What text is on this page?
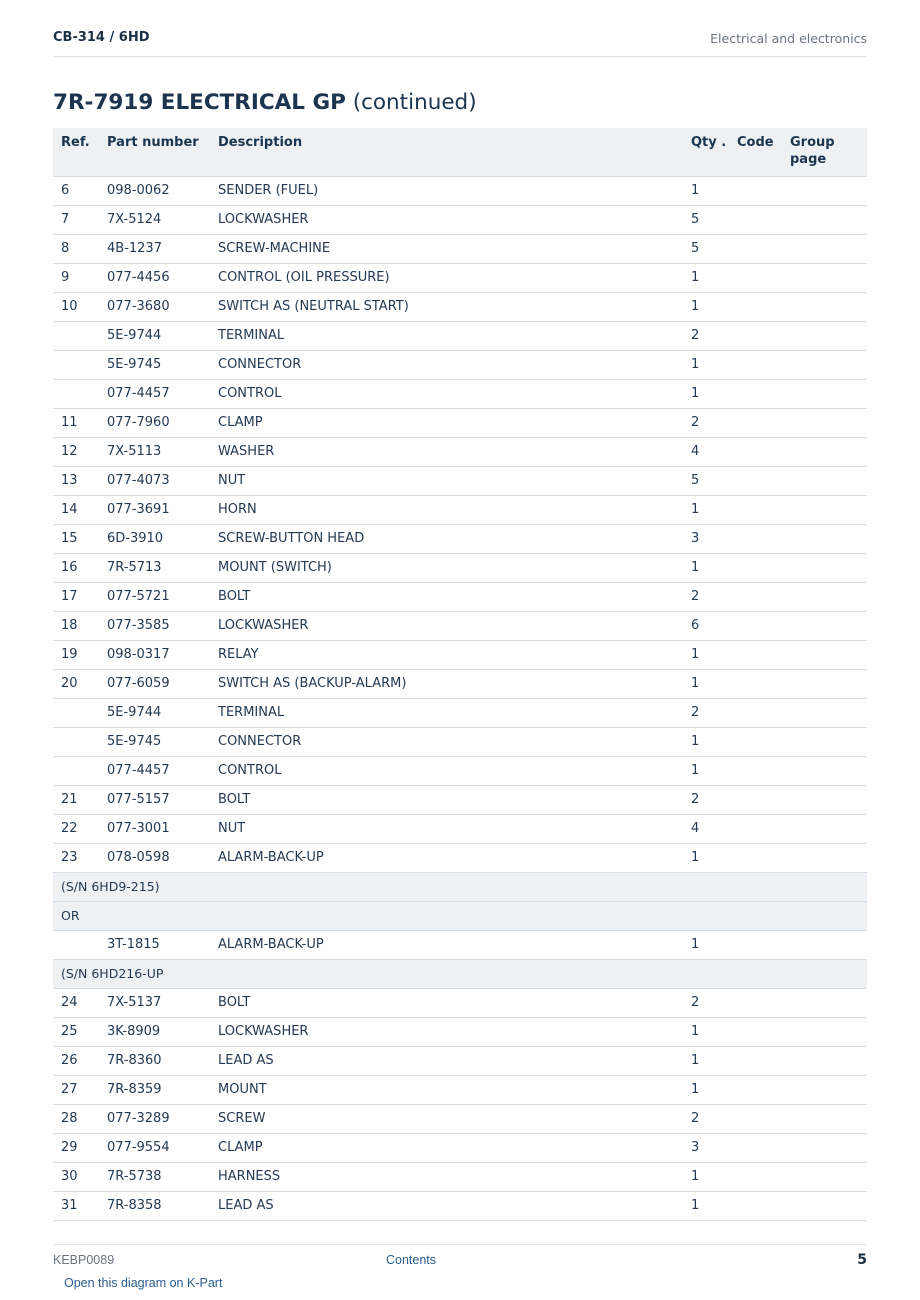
CB-314 / 6HD	Electrical and electronics
7R-7919 ELECTRICAL GP (continued)
Ref.	Part number	Description	Qty .	Code	Group page
6	098-0062	SENDER (FUEL)	1		
7	7X-5124	LOCKWASHER	5		
8	4B-1237	SCREW-MACHINE	5		
9	077-4456	CONTROL (OIL PRESSURE)	1		
10	077-3680	SWITCH AS (NEUTRAL START)	1		
	5E-9744	TERMINAL	2		
	5E-9745	CONNECTOR	1		
	077-4457	CONTROL	1		
11	077-7960	CLAMP	2		
12	7X-5113	WASHER	4		
13	077-4073	NUT	5		
14	077-3691	HORN	1		
15	6D-3910	SCREW-BUTTON HEAD	3		
16	7R-5713	MOUNT (SWITCH)	1		
17	077-5721	BOLT	2		
18	077-3585	LOCKWASHER	6		
19	098-0317	RELAY	1		
20	077-6059	SWITCH AS (BACKUP-ALARM)	1		
	5E-9744	TERMINAL	2		
	5E-9745	CONNECTOR	1		
	077-4457	CONTROL	1		
21	077-5157	BOLT	2		
22	077-3001	NUT	4		
23	078-0598	ALARM-BACK-UP	1		
(S/N 6HD9-215)					
OR					
	3T-1815	ALARM-BACK-UP	1		
(S/N 6HD216-UP					
24	7X-5137	BOLT	2		
25	3K-8909	LOCKWASHER	1		
26	7R-8360	LEAD AS	1		
27	7R-8359	MOUNT	1		
28	077-3289	SCREW	2		
29	077-9554	CLAMP	3		
30	7R-5738	HARNESS	1		
31	7R-8358	LEAD AS	1		
KEBP0089	Contents	5
Open this diagram on K-Part
